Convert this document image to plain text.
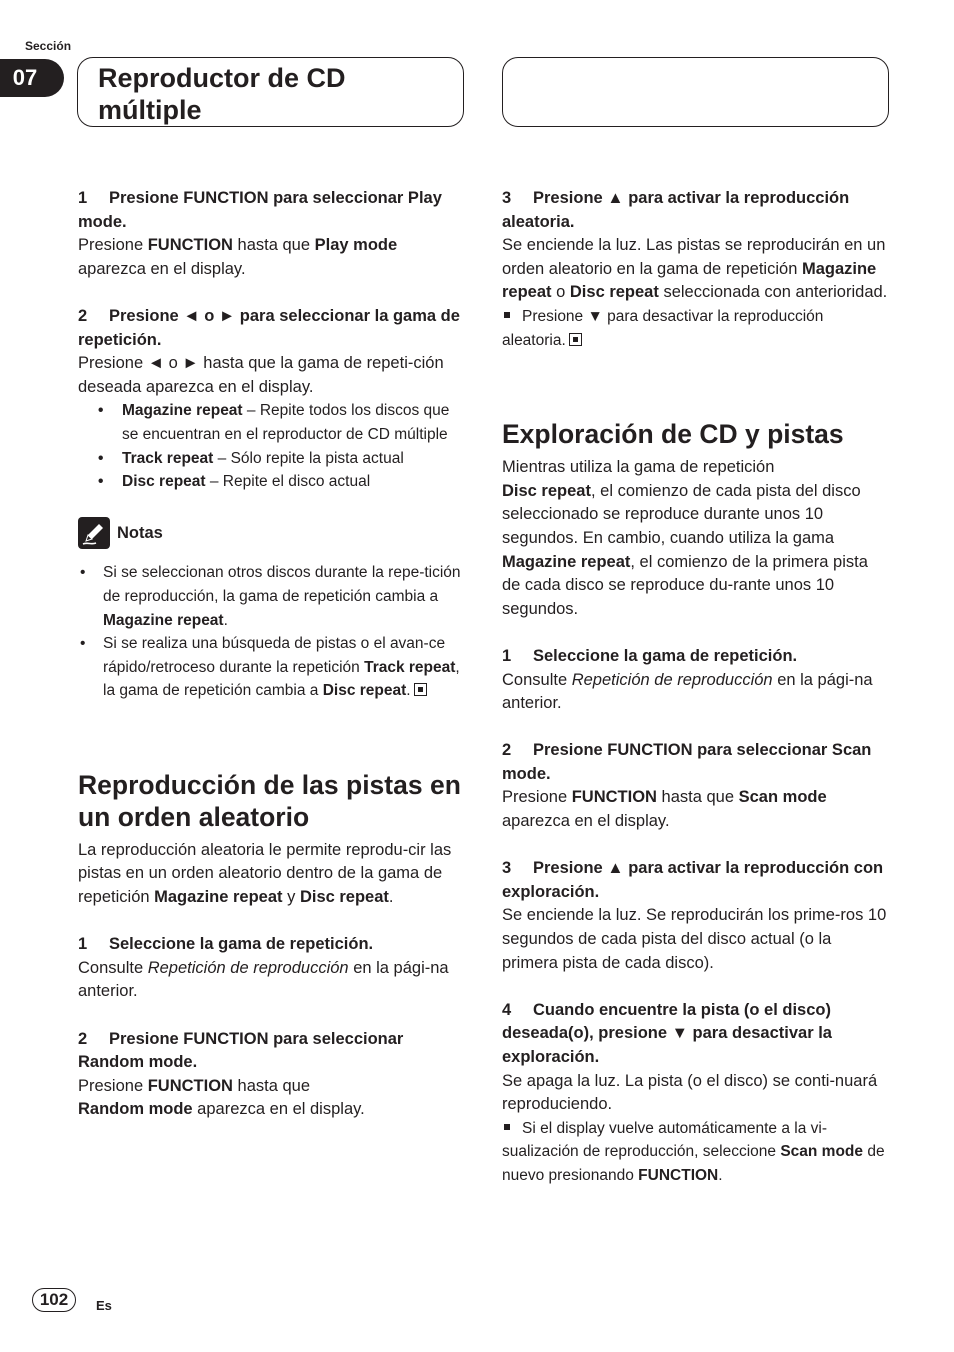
Sección
07	Reproductor de CD múltiple

1 Presione FUNCTION para seleccionar Play mode.

Presione FUNCTION hasta que Play mode aparezca en el display.

2 Presione ◄ o ► para seleccionar la gama de repetición.

Presione ◄ o ► hasta que la gama de repeti-ción deseada aparezca en el display.

• Magazine repeat – Repite todos los discos que se encuentran en el reproductor de CD múltiple
• Track repeat – Sólo repite la pista actual
• Disc repeat – Repite el disco actual
Notas
• Si se seleccionan otros discos durante la repe-tición de reproducción, la gama de repetición cambia a Magazine repeat.
• Si se realiza una búsqueda de pistas o el avan-ce rápido/retroceso durante la repetición Track repeat, la gama de repetición cambia a Disc repeat.
Reproducción de las pistas en un orden aleatorio

La reproducción aleatoria le permite reprodu-cir las pistas en un orden aleatorio dentro de la gama de repetición Magazine repeat y Disc repeat.

1 Seleccione la gama de repetición.

Consulte Repetición de reproducción en la pági-na anterior.

2 Presione FUNCTION para seleccionar Random mode.

Presione FUNCTION hasta que
Random mode aparezca en el display.

3 Presione ▲ para activar la reproducción aleatoria.

Se enciende la luz. Las pistas se reproducirán en un orden aleatorio en la gama de repetición Magazine repeat o Disc repeat seleccionada con anterioridad.

Presione ▼ para desactivar la reproducción aleatoria.

Exploración de CD y pistas

Mientras utiliza la gama de repetición
Disc repeat, el comienzo de cada pista del disco seleccionado se reproduce durante unos 10 segundos. En cambio, cuando utiliza la gama Magazine repeat, el comienzo de la primera pista de cada disco se reproduce du-rante unos 10 segundos.

1 Seleccione la gama de repetición.

Consulte Repetición de reproducción en la pági-na anterior.

2 Presione FUNCTION para seleccionar Scan mode.

Presione FUNCTION hasta que Scan mode aparezca en el display.

3 Presione ▲ para activar la reproducción con exploración.

Se enciende la luz. Se reproducirán los prime-ros 10 segundos de cada pista del disco actual (o la primera pista de cada disco).

4 Cuando encuentre la pista (o el disco) deseada(o), presione ▼ para desactivar la exploración.

Se apaga la luz. La pista (o el disco) se conti-nuará reproduciendo.

Si el display vuelve automáticamente a la vi-sualización de reproducción, seleccione Scan mode de nuevo presionando FUNCTION.

102	Es
